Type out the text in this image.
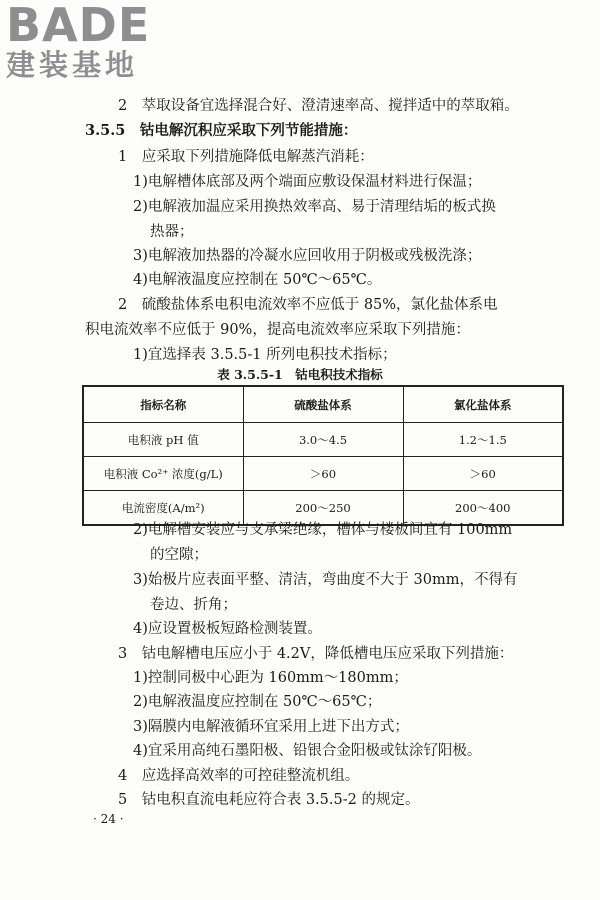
BADE
建装基地
2　萃取设备宜选择混合好、澄清速率高、搅拌适中的萃取箱。
3.5.5　钴电解沉积应采取下列节能措施：
1　应采取下列措施降低电解蒸汽消耗：
1)电解槽体底部及两个端面应敷设保温材料进行保温；
2)电解液加温应采用换热效率高、易于清理结垢的板式换
热器；
3)电解液加热器的冷凝水应回收用于阴极或残极洗涤；
4)电解液温度应控制在 50℃～65℃。
2　硫酸盐体系电积电流效率不应低于 85%，氯化盐体系电
积电流效率不应低于 90%，提高电流效率应采取下列措施：
1)宜选择表 3.5.5-1 所列电积技术指标；
表 3.5.5-1　钴电积技术指标
指标名称	硫酸盐体系	氯化盐体系
电积液 pH 值	3.0～4.5	1.2～1.5
电积液 Co²⁺ 浓度(g/L)	＞60	＞60
电流密度(A/m²)	200～250	200～400
2)电解槽安装应与支承梁绝缘，槽体与楼板间宜有 100mm
的空隙；
3)始极片应表面平整、清洁，弯曲度不大于 30mm，不得有
卷边、折角；
4)应设置极板短路检测装置。
3　钴电解槽电压应小于 4.2V，降低槽电压应采取下列措施：
1)控制同极中心距为 160mm～180mm；
2)电解液温度应控制在 50℃～65℃；
3)隔膜内电解液循环宜采用上进下出方式；
4)宜采用高纯石墨阳极、铅银合金阳极或钛涂钌阳极。
4　应选择高效率的可控硅整流机组。
5　钴电积直流电耗应符合表 3.5.5-2 的规定。
· 24 ·
